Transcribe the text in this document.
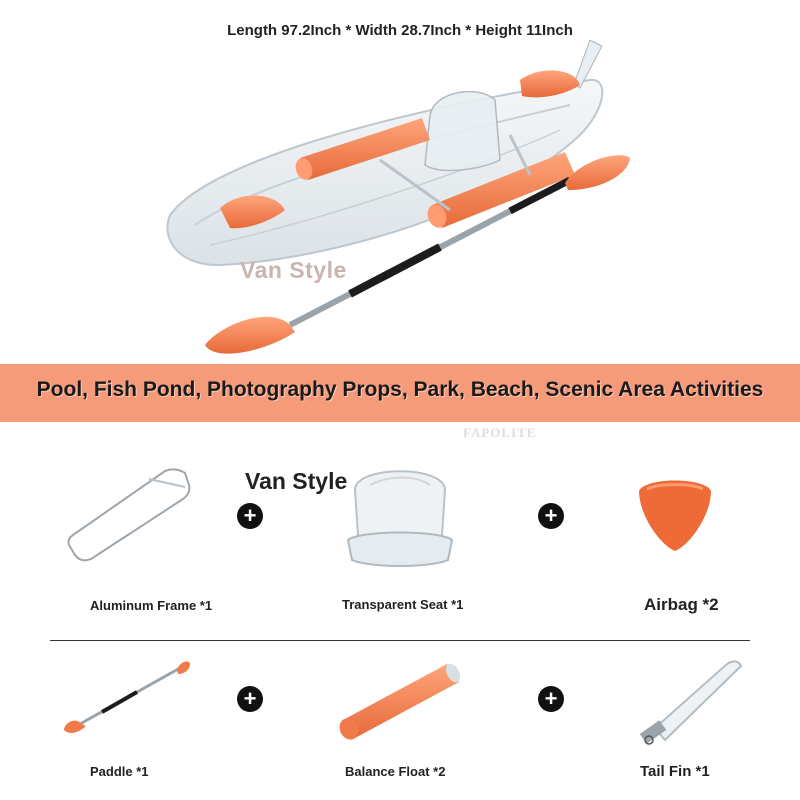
Length 97.2Inch * Width 28.7Inch * Height 11Inch
Van Style
Pool, Fish Pond, Photography Props, Park, Beach, Scenic Area Activities
FAPOLITE
Van Style
+	+
Aluminum Frame *1	Transparent Seat *1	Airbag *2
+	+
Paddle *1	Balance Float *2	Tail Fin *1
